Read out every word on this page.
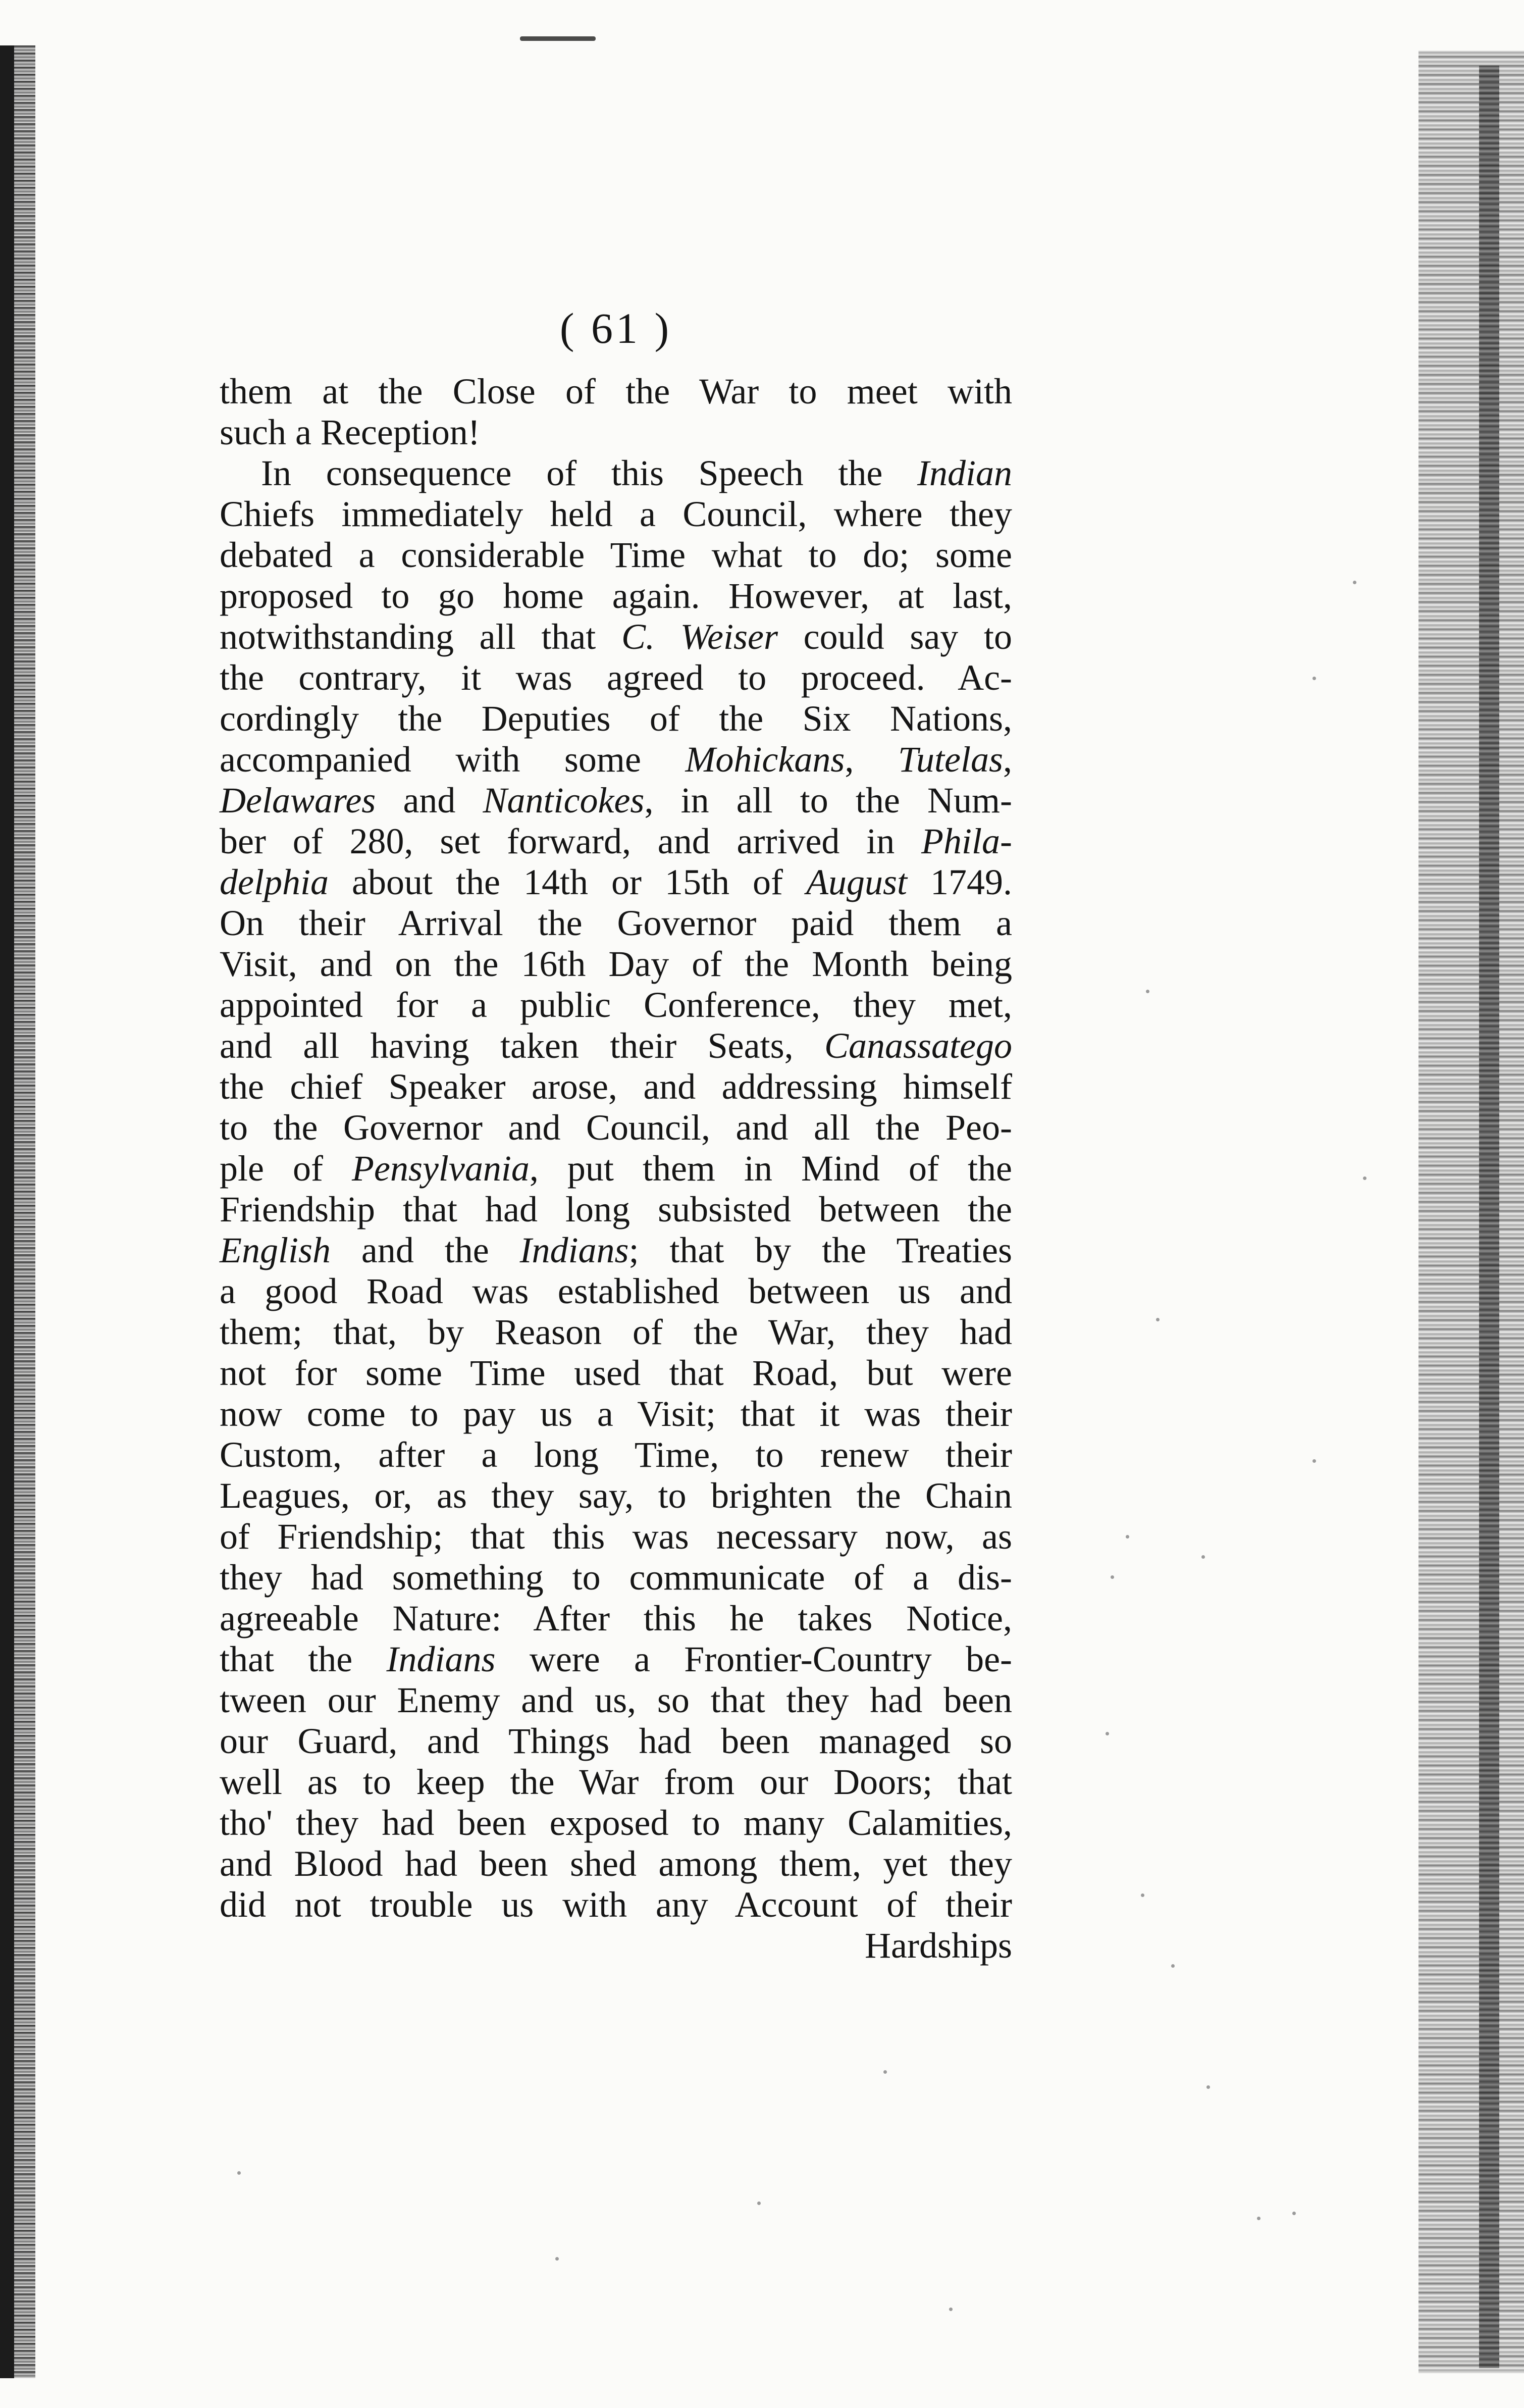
( 61 )
them at the Close of the War to meet with
such a Reception!
In consequence of this Speech the Indian
Chiefs immediately held a Council, where they
debated a considerable Time what to do; some
proposed to go home again. However, at last,
notwithstanding all that C. Weiser could say to
the contrary, it was agreed to proceed. Ac-
cordingly the Deputies of the Six Nations,
accompanied with some Mohickans, Tutelas,
Delawares and Nanticokes, in all to the Num-
ber of 280, set forward, and arrived in Phila-
delphia about the 14th or 15th of August 1749.
On their Arrival the Governor paid them a
Visit, and on the 16th Day of the Month being
appointed for a public Conference, they met,
and all having taken their Seats, Canassatego
the chief Speaker arose, and addressing himself
to the Governor and Council, and all the Peo-
ple of Pensylvania, put them in Mind of the
Friendship that had long subsisted between the
English and the Indians; that by the Treaties
a good Road was established between us and
them; that, by Reason of the War, they had
not for some Time used that Road, but were
now come to pay us a Visit; that it was their
Custom, after a long Time, to renew their
Leagues, or, as they say, to brighten the Chain
of Friendship; that this was necessary now, as
they had something to communicate of a dis-
agreeable Nature: After this he takes Notice,
that the Indians were a Frontier-Country be-
tween our Enemy and us, so that they had been
our Guard, and Things had been managed so
well as to keep the War from our Doors; that
tho' they had been exposed to many Calamities,
and Blood had been shed among them, yet they
did not trouble us with any Account of their
Hardships
